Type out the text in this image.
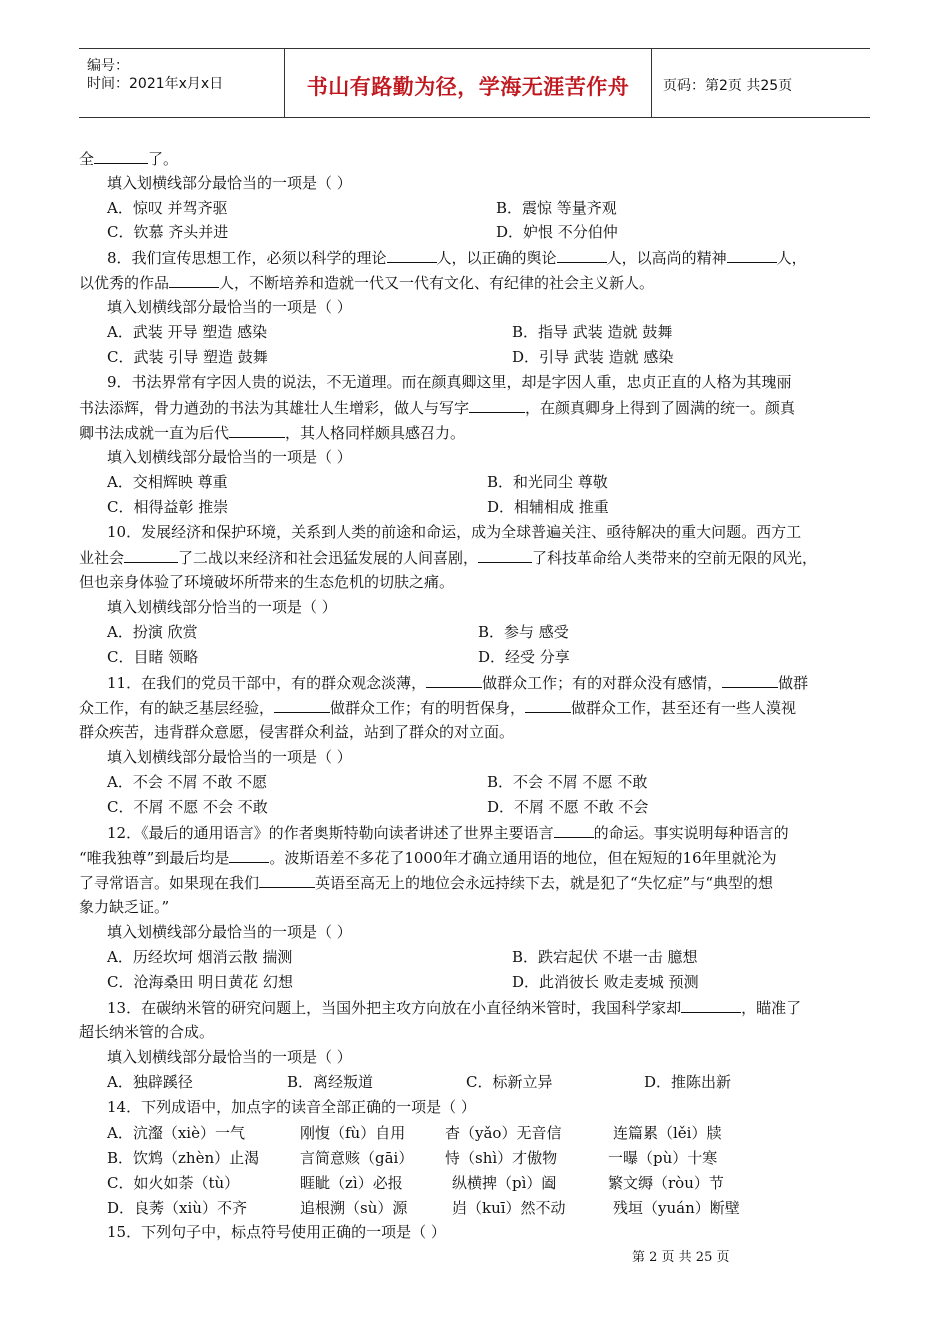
编号：
时间：2021年x月x日	书山有路勤为径，学海无涯苦作舟	页码：第2页 共25页
全	了。
填入划横线部分最恰当的一项是（ ）
A．惊叹 并驾齐驱	B．震惊 等量齐观
C．钦慕 齐头并进	D．妒恨 不分伯仲
8．我们宣传思想工作，必须以科学的理论	人，以正确的舆论	人，以高尚的精神	人，
以优秀的作品	人，不断培养和造就一代又一代有文化、有纪律的社会主义新人。
填入划横线部分最恰当的一项是（ ）
A．武装 开导 塑造 感染	B．指导 武装 造就 鼓舞
C．武装 引导 塑造 鼓舞	D．引导 武装 造就 感染
9．书法界常有字因人贵的说法，不无道理。而在颜真卿这里，却是字因人重，忠贞正直的人格为其瑰丽
书法添辉，骨力遒劲的书法为其雄壮人生增彩，做人与写字	，在颜真卿身上得到了圆满的统一。颜真
卿书法成就一直为后代	，其人格同样颇具感召力。
填入划横线部分最恰当的一项是（ ）
A．交相辉映 尊重	B．和光同尘 尊敬
C．相得益彰 推崇	D．相辅相成 推重
10．发展经济和保护环境，关系到人类的前途和命运，成为全球普遍关注、亟待解决的重大问题。西方工
业社会	了二战以来经济和社会迅猛发展的人间喜剧，	了科技革命给人类带来的空前无限的风光，
但也亲身体验了环境破坏所带来的生态危机的切肤之痛。
填入划横线部分恰当的一项是（ ）
A．扮演 欣赏	B．参与 感受
C．目睹 领略	D．经受 分享
11．在我们的党员干部中，有的群众观念淡薄，	做群众工作；有的对群众没有感情，	做群
众工作，有的缺乏基层经验，	做群众工作；有的明哲保身，	做群众工作，甚至还有一些人漠视
群众疾苦，违背群众意愿，侵害群众利益，站到了群众的对立面。
填入划横线部分最恰当的一项是（ ）
A．不会 不屑 不敢 不愿	B．不会 不屑 不愿 不敢
C．不屑 不愿 不会 不敢	D．不屑 不愿 不敢 不会
12．《最后的通用语言》的作者奥斯特勒向读者讲述了世界主要语言	的命运。事实说明每种语言的
“唯我独尊”到最后均是	。波斯语差不多花了1000年才确立通用语的地位，但在短短的16年里就沦为
了寻常语言。如果现在我们	英语至高无上的地位会永远持续下去，就是犯了“失忆症”与“典型的想
象力缺乏证。”
填入划横线部分最恰当的一项是（ ）
A．历经坎坷 烟消云散 揣测	B．跌宕起伏 不堪一击 臆想
C．沧海桑田 明日黄花 幻想	D．此消彼长 败走麦城 预测
13．在碳纳米管的研究问题上，当国外把主攻方向放在小直径纳米管时，我国科学家却	，瞄准了
超长纳米管的合成。
填入划横线部分最恰当的一项是（ ）
A．独辟蹊径	B．离经叛道	C．标新立异	D．推陈出新
14．下列成语中，加点字的读音全部正确的一项是（ ）
A．沆瀣（xiè）一气	刚愎（fù）自用	杳（yǎo）无音信	连篇累（lěi）牍
B．饮鸩（zhèn）止渴	言简意赅（gāi） 恃（shì）才傲物	一曝（pù）十寒
C．如火如荼（tù）	睚眦（zì）必报	纵横捭（pì）阖	繁文缛（ròu）节
D．良莠（xiù）不齐	追根溯（sù）源	岿（kuī）然不动	残垣（yuán）断壁
15．下列句子中，标点符号使用正确的一项是（ ）
第 2 页 共 25 页
